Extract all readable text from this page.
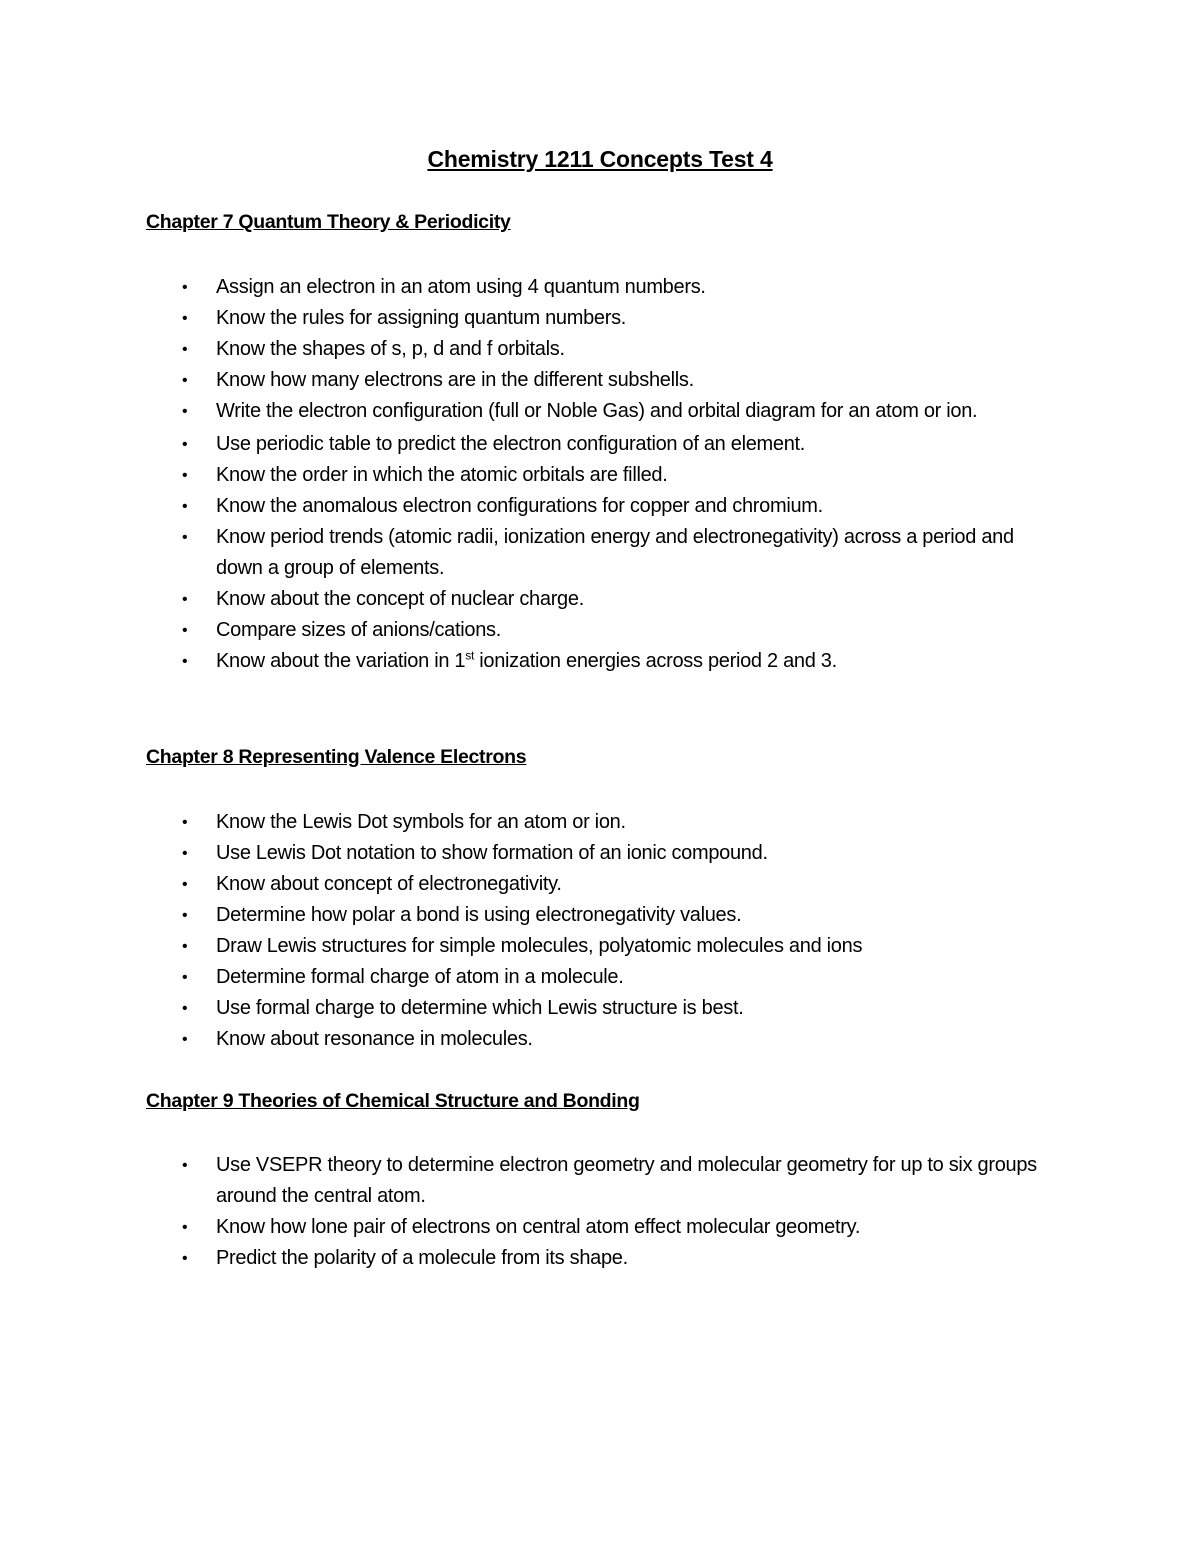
Chemistry 1211 Concepts Test 4
Chapter 7 Quantum Theory & Periodicity
• Assign an electron in an atom using 4 quantum numbers.
• Know the rules for assigning quantum numbers.
• Know the shapes of s, p, d and f orbitals.
• Know how many electrons are in the different subshells.
• Write the electron configuration (full or Noble Gas) and orbital diagram for an atom or ion.
• Use periodic table to predict the electron configuration of an element.
• Know the order in which the atomic orbitals are filled.
• Know the anomalous electron configurations for copper and chromium.
• Know period trends (atomic radii, ionization energy and electronegativity) across a period and down a group of elements.
• Know about the concept of nuclear charge.
• Compare sizes of anions/cations.
• Know about the variation in 1st ionization energies across period 2 and 3.
Chapter 8 Representing Valence Electrons
• Know the Lewis Dot symbols for an atom or ion.
• Use Lewis Dot notation to show formation of an ionic compound.
• Know about concept of electronegativity.
• Determine how polar a bond is using electronegativity values.
• Draw Lewis structures for simple molecules, polyatomic molecules and ions
• Determine formal charge of atom in a molecule.
• Use formal charge to determine which Lewis structure is best.
• Know about resonance in molecules.
Chapter 9 Theories of Chemical Structure and Bonding
• Use VSEPR theory to determine electron geometry and molecular geometry for up to six groups around the central atom.
• Know how lone pair of electrons on central atom effect molecular geometry.
• Predict the polarity of a molecule from its shape.
